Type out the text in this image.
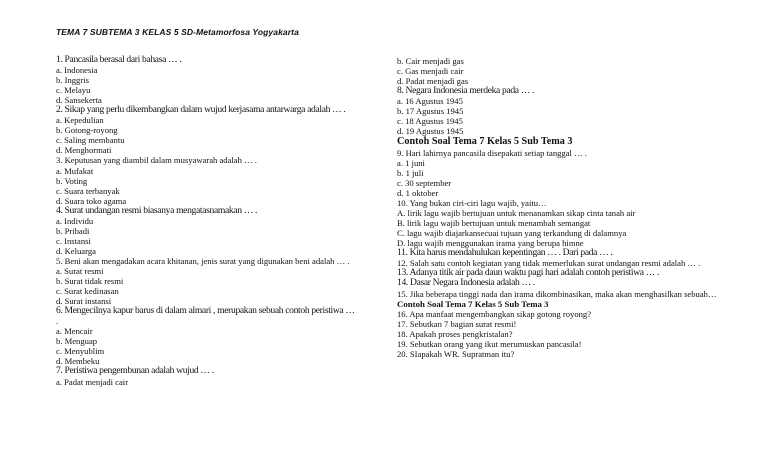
TEMA 7 SUBTEMA 3 KELAS 5 SD-Metamorfosa Yogyakarta
1. Pancasila berasal dari bahasa … .
a. Indonesia
b. Inggris
c. Melayu
d. Sansekerta
2. Sikap yang perlu dikembangkan dalam wujud kerjasama antarwarga adalah … .
a. Kepedulian
b. Gotong-royong
c. Saling membantu
d. Menghormati
3. Keputusan yang diambil dalam musyawarah adalah … .
a. Mufakat
b. Voting
c. Suara terbanyak
d. Suara toko agama
4. Surat undangan resmi biasanya mengatasnamakan … .
a. Individu
b. Pribadi
c. Instansi
d. Keluarga
5. Beni akan mengadakan acara khitanan, jenis surat yang digunakan beni adalah … .
a. Surat resmi
b. Surat tidak resmi
c. Surat kedinasan
d. Surat instansi
6. Mengecilnya kapur barus di dalam almari , merupakan sebuah contoh peristiwa …
.
a. Mencair
b. Menguap
c. Menyublim
d. Membeku
7. Peristiwa pengembunan adalah wujud … .
a. Padat menjadi cair
b. Cair menjadi gas
c. Gas menjadi cair
d. Padat menjadi gas
8. Negara Indonesia merdeka pada … .
a. 16 Agustus 1945
b. 17 Agustus 1945
c. 18 Agustus 1945
d. 19 Agustus 1945
Contoh Soal Tema 7 Kelas 5 Sub Tema 3
9. Hari lahirnya pancasila disepakati setiap tanggal … .
a. 1 juni
b. 1 juli
c. 30 september
d. 1 oktober
10. Yang bukan ciri-ciri lagu wajib, yaitu…
A. lirik lagu wajib bertujuan untuk menanamkan sikap cinta tanah air
B. lirik lagu wajib bertujuan untuk menambah semangat
C. lagu wajib diajarkansecuai tujuan yang terkandung di dalamnya
D. lagu wajib menggunakan irama yang berupa himne
11. Kita harus mendahulukan kepentingan … . Dari pada … .
12. Salah satu contoh kegiatan yang tidak memerlukan surat undangan resmi adalah … .
13. Adanya titik air pada daun waktu pagi hari adalah contoh peristiwa … .
14. Dasar Negara Indonesia adalah … .
15. Jika beberapa tinggi nada dan irama dikombinasikan, maka akan menghasilkan sebuah…
Contoh Soal Tema 7 Kelas 5 Sub Tema 3
16. Apa manfaat mengembangkan sikap gotong royong?
17. Sebutkan 7 bagian surat resmi!
18. Apakah proses pengkristalan?
19. Sebutkan orang yang ikut merumuskan pancasila!
20. SIapakah WR. Supratman itu?
